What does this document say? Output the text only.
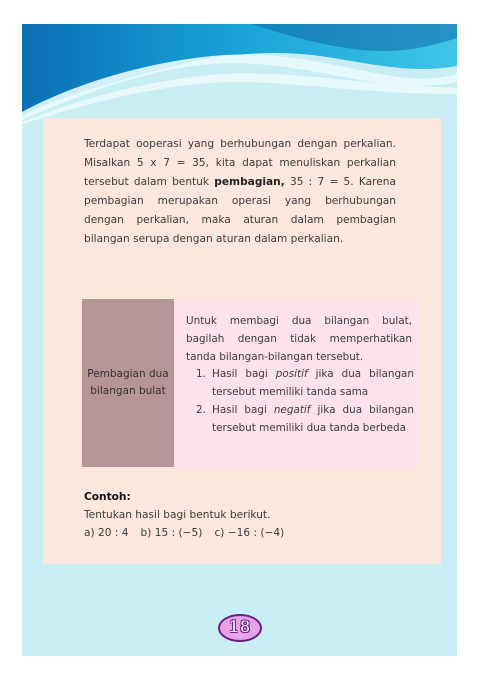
Terdapat ooperasi yang berhubungan dengan perkalian. Misalkan 5 x 7 = 35, kita dapat menuliskan perkalian tersebut dalam bentuk pembagian, 35 : 7 = 5. Karena pembagian merupakan operasi yang berhubungan dengan perkalian, maka aturan dalam pembagian bilangan serupa dengan aturan dalam perkalian.

Pembagian dua bilangan bulat

Untuk membagi dua bilangan bulat, bagilah dengan tidak memperhatikan tanda bilangan-bilangan tersebut.

1. Hasil bagi positif jika dua bilangan tersebut memiliki tanda sama
2. Hasil bagi negatif jika dua bilangan tersebut memiliki dua tanda berbeda
Contoh:
Tentukan hasil bagi bentuk berikut.
a) 20 : 4 b) 15 : (−5) c) −16 : (−4)
18
